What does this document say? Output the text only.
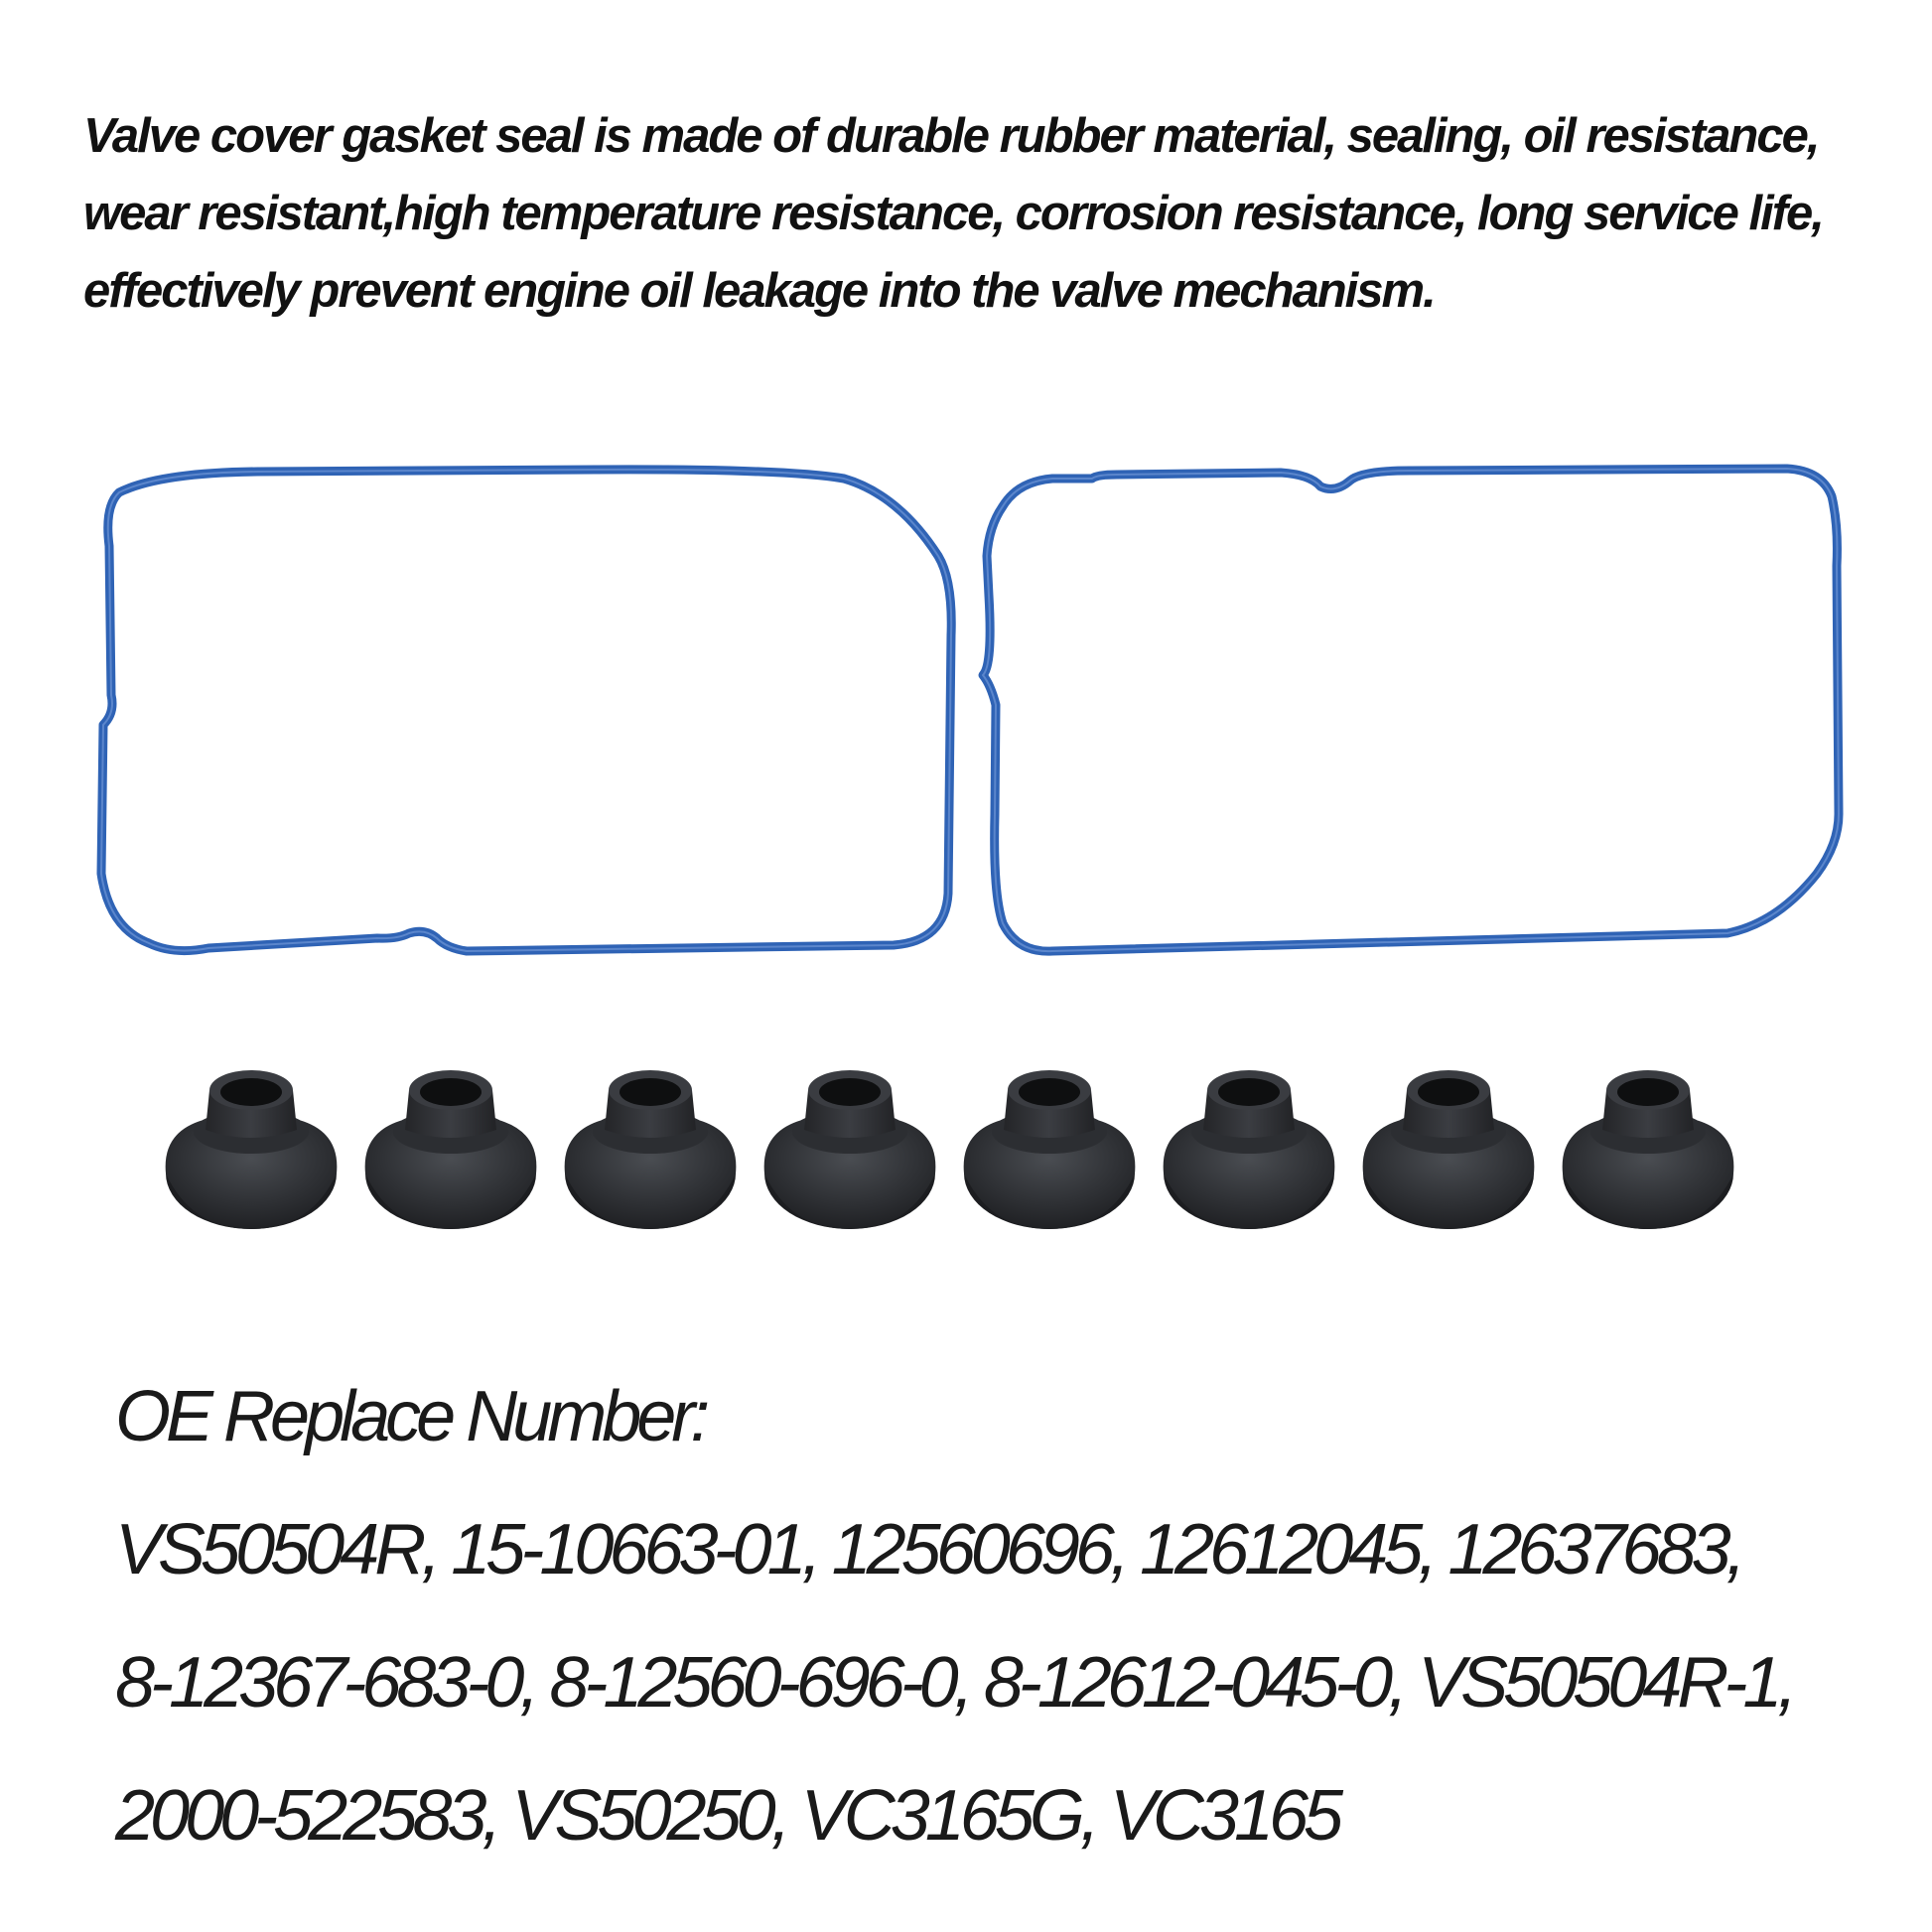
Valve cover gasket seal is made of durable rubber material, sealing, oil resistance,
wear resistant,high temperature resistance, corrosion resistance, long service life,
effectively prevent engine oil leakage into the valve mechanism.
OE Replace Number:
VS50504R, 15-10663-01, 12560696, 12612045, 12637683,
8-12367-683-0, 8-12560-696-0, 8-12612-045-0, VS50504R-1,
2000-522583, VS50250, VC3165G, VC3165
